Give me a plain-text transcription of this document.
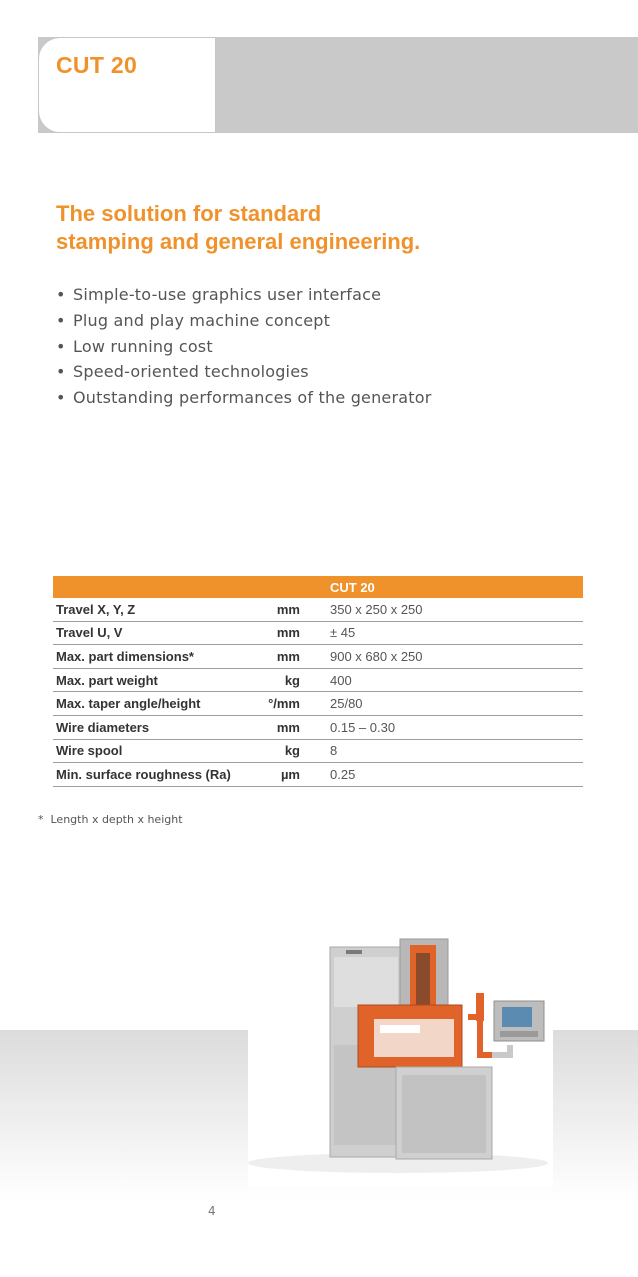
CUT 20
The solution for standard
stamping and general engineering.
• Simple-to-use graphics user interface
• Plug and play machine concept
• Low running cost
• Speed-oriented technologies
• Outstanding performances of the generator
		CUT 20
Travel X, Y, Z	mm	350 x 250 x 250
Travel U, V	mm	± 45
Max. part dimensions*	mm	900 x 680 x 250
Max. part weight	kg	400
Max. taper angle/height	°/mm	25/80
Wire diameters	mm	0.15 – 0.30
Wire spool	kg	8
Min. surface roughness (Ra)	µm	0.25
* Length x depth x height
4
